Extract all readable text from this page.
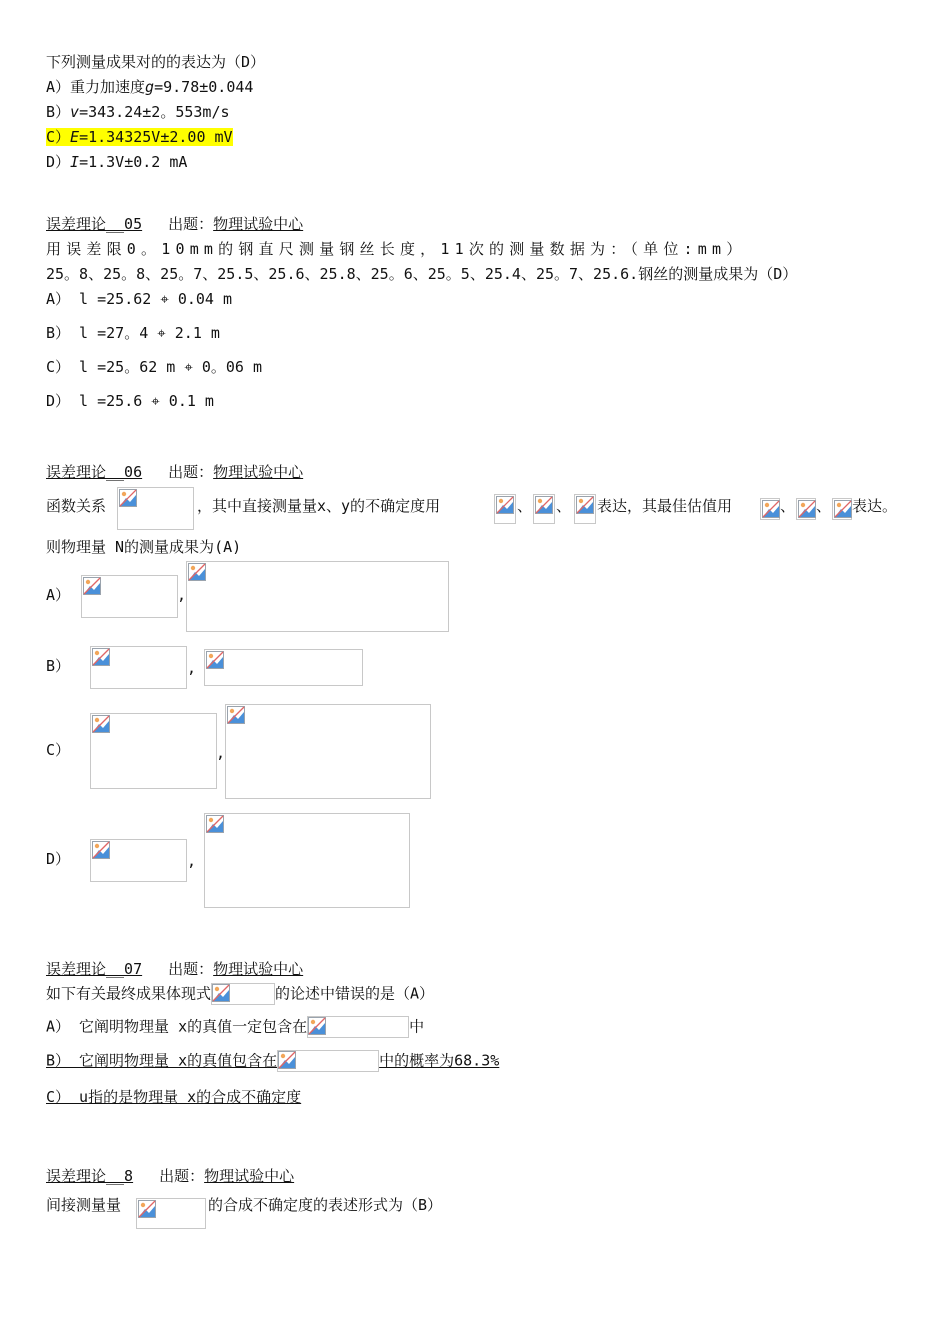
下列测量成果对的的表达为（D）
A）重力加速度g=9.78±0.044
B）v=343.24±2。553m/s
C）E=1.34325V±2.00 mV
D）I=1.3V±0.2 mA
误差理论__05 出题：物理试验中心
用误差限0。10mm的钢直尺测量钢丝长度，11次的测量数据为：（单位:mm）
25。8、25。8、25。7、25.5、25.6、25.8、25。6、25。5、25.4、25。7、25.6.钢丝的测量成果为（D）
A） l =25.62 ⌖ 0.04 m
B） l =27。4 ⌖ 2.1 m
C） l =25。62 m ⌖ 0。06 m
D） l =25.6 ⌖ 0.1 m
误差理论__06 出题：物理试验中心
函数关系	，其中直接测量量x、y的不确定度用	、 、 表达，其最佳估值用	、 、 表达。
则物理量 N的测量成果为(A)
A）	,
B）	,
C）	,
D）	,
误差理论__07 出题：物理试验中心
如下有关最终成果体现式	的论述中错误的是（A）
A） 它阐明物理量 x的真值一定包含在	中
B） 它阐明物理量 x的真值包含在	中的概率为68.3%
C） u指的是物理量 x的合成不确定度
误差理论__8 出题：物理试验中心
间接测量量	的合成不确定度的表述形式为（B）
